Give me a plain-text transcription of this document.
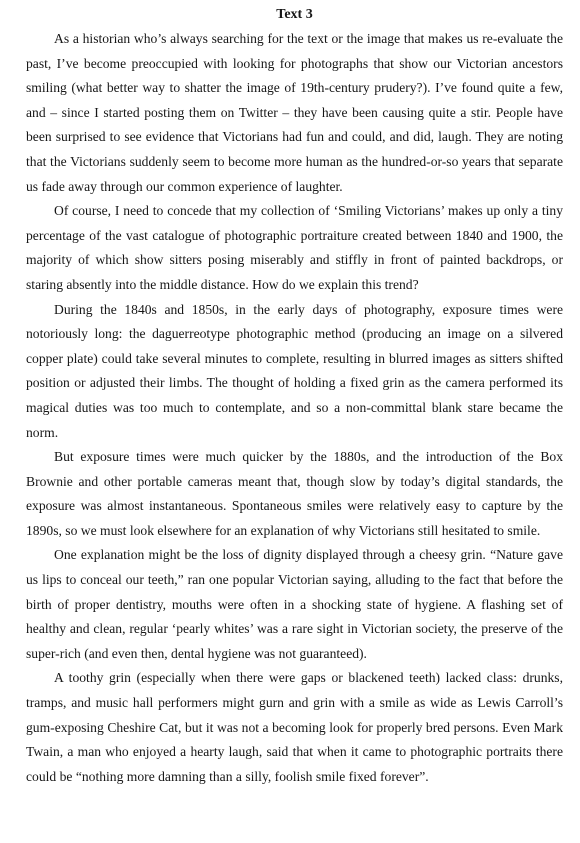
Text 3

As a historian who’s always searching for the text or the image that makes us re-evaluate the past, I’ve become preoccupied with looking for photographs that show our Victorian ancestors smiling (what better way to shatter the image of 19th-century prudery?). I’ve found quite a few, and – since I started posting them on Twitter – they have been causing quite a stir. People have been surprised to see evidence that Victorians had fun and could, and did, laugh. They are noting that the Victorians suddenly seem to become more human as the hundred-or-so years that separate us fade away through our common experience of laughter.

Of course, I need to concede that my collection of ‘Smiling Victorians’ makes up only a tiny percentage of the vast catalogue of photographic portraiture created between 1840 and 1900, the majority of which show sitters posing miserably and stiffly in front of painted backdrops, or staring absently into the middle distance. How do we explain this trend?

During the 1840s and 1850s, in the early days of photography, exposure times were notoriously long: the daguerreotype photographic method (producing an image on a silvered copper plate) could take several minutes to complete, resulting in blurred images as sitters shifted position or adjusted their limbs. The thought of holding a fixed grin as the camera performed its magical duties was too much to contemplate, and so a non-committal blank stare became the norm.

But exposure times were much quicker by the 1880s, and the introduction of the Box Brownie and other portable cameras meant that, though slow by today’s digital standards, the exposure was almost instantaneous. Spontaneous smiles were relatively easy to capture by the 1890s, so we must look elsewhere for an explanation of why Victorians still hesitated to smile.

One explanation might be the loss of dignity displayed through a cheesy grin. “Nature gave us lips to conceal our teeth,” ran one popular Victorian saying, alluding to the fact that before the birth of proper dentistry, mouths were often in a shocking state of hygiene. A flashing set of healthy and clean, regular ‘pearly whites’ was a rare sight in Victorian society, the preserve of the super-rich (and even then, dental hygiene was not guaranteed).

A toothy grin (especially when there were gaps or blackened teeth) lacked class: drunks, tramps, and music hall performers might gurn and grin with a smile as wide as Lewis Carroll’s gum-exposing Cheshire Cat, but it was not a becoming look for properly bred persons. Even Mark Twain, a man who enjoyed a hearty laugh, said that when it came to photographic portraits there could be “nothing more damning than a silly, foolish smile fixed forever”.
